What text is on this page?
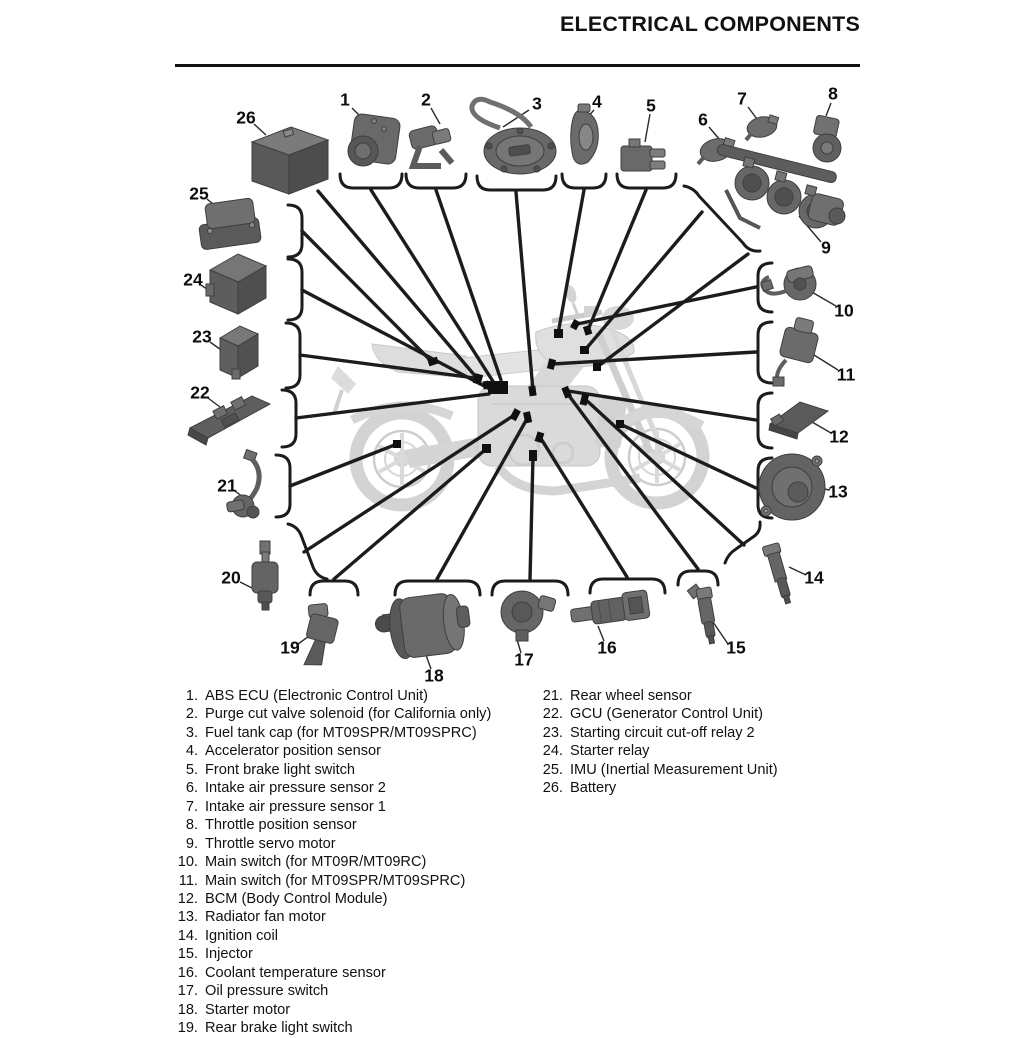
ELECTRICAL COMPONENTS
1	2	3	4	5
6
7	8
9
10
11
12
13
14
15
16
17
18
19
20
21
22
23
24
25
26
1. ABS ECU (Electronic Control Unit)
2. Purge cut valve solenoid (for California only)
3. Fuel tank cap (for MT09SPR/MT09SPRC)
4. Accelerator position sensor
5. Front brake light switch
6. Intake air pressure sensor 2
7. Intake air pressure sensor 1
8. Throttle position sensor
9. Throttle servo motor
10. Main switch (for MT09R/MT09RC)
11. Main switch (for MT09SPR/MT09SPRC)
12. BCM (Body Control Module)
13. Radiator fan motor
14. Ignition coil
15. Injector
16. Coolant temperature sensor
17. Oil pressure switch
18. Starter motor
19. Rear brake light switch
21. Rear wheel sensor
22. GCU (Generator Control Unit)
23. Starting circuit cut-off relay 2
24. Starter relay
25. IMU (Inertial Measurement Unit)
26. Battery
